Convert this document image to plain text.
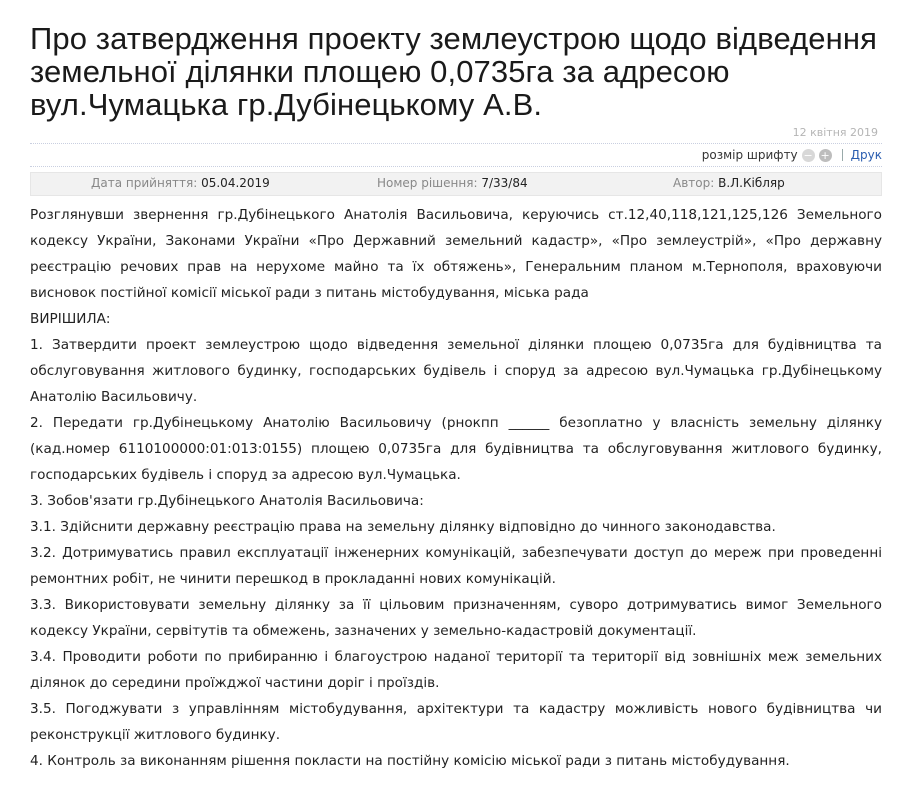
Про затвердження проекту землеустрою щодо відведення земельної ділянки площею 0,0735га за адресою вул.Чумацька гр.Дубінецькому А.В.
12 квітня 2019
розмір шрифту − + Друк
Дата прийняття: 05.04.2019	Номер рішення: 7/33/84	Автор: В.Л.Кібляр

Розглянувши звернення гр.Дубінецького Анатолія Васильовича, керуючись ст.12,40,118,121,125,126 Земельного кодексу України, Законами України «Про Державний земельний кадастр», «Про землеустрій», «Про державну реєстрацію речових прав на нерухоме майно та їх обтяжень», Генеральним планом м.Тернополя, враховуючи висновок постійної комісії міської ради з питань містобудування, міська рада

ВИРІШИЛА:

1. Затвердити проект землеустрою щодо відведення земельної ділянки площею 0,0735га для будівництва та обслуговування житлового будинку, господарських будівель і споруд за адресою вул.Чумацька гр.Дубінецькому Анатолію Васильовичу.

2. Передати гр.Дубінецькому Анатолію Васильовичу (рнокпп ______ безоплатно у власність земельну ділянку (кад.номер 6110100000:01:013:0155) площею 0,0735га для будівництва та обслуговування житлового будинку, господарських будівель і споруд за адресою вул.Чумацька.

3. Зобов'язати гр.Дубінецького Анатолія Васильовича:

3.1. Здійснити державну реєстрацію права на земельну ділянку відповідно до чинного законодавства.

3.2. Дотримуватись правил експлуатації інженерних комунікацій, забезпечувати доступ до мереж при проведенні ремонтних робіт, не чинити перешкод в прокладанні нових комунікацій.

3.3. Використовувати земельну ділянку за її цільовим призначенням, суворо дотримуватись вимог Земельного кодексу України, сервітутів та обмежень, зазначених у земельно-кадастровій документації.

3.4. Проводити роботи по прибиранню і благоустрою наданої території та території від зовнішніх меж земельних ділянок до середини проїжджої частини доріг і проїздів.

3.5. Погоджувати з управлінням містобудування, архітектури та кадастру можливість нового будівництва чи реконструкції житлового будинку.

4. Контроль за виконанням рішення покласти на постійну комісію міської ради з питань містобудування.
